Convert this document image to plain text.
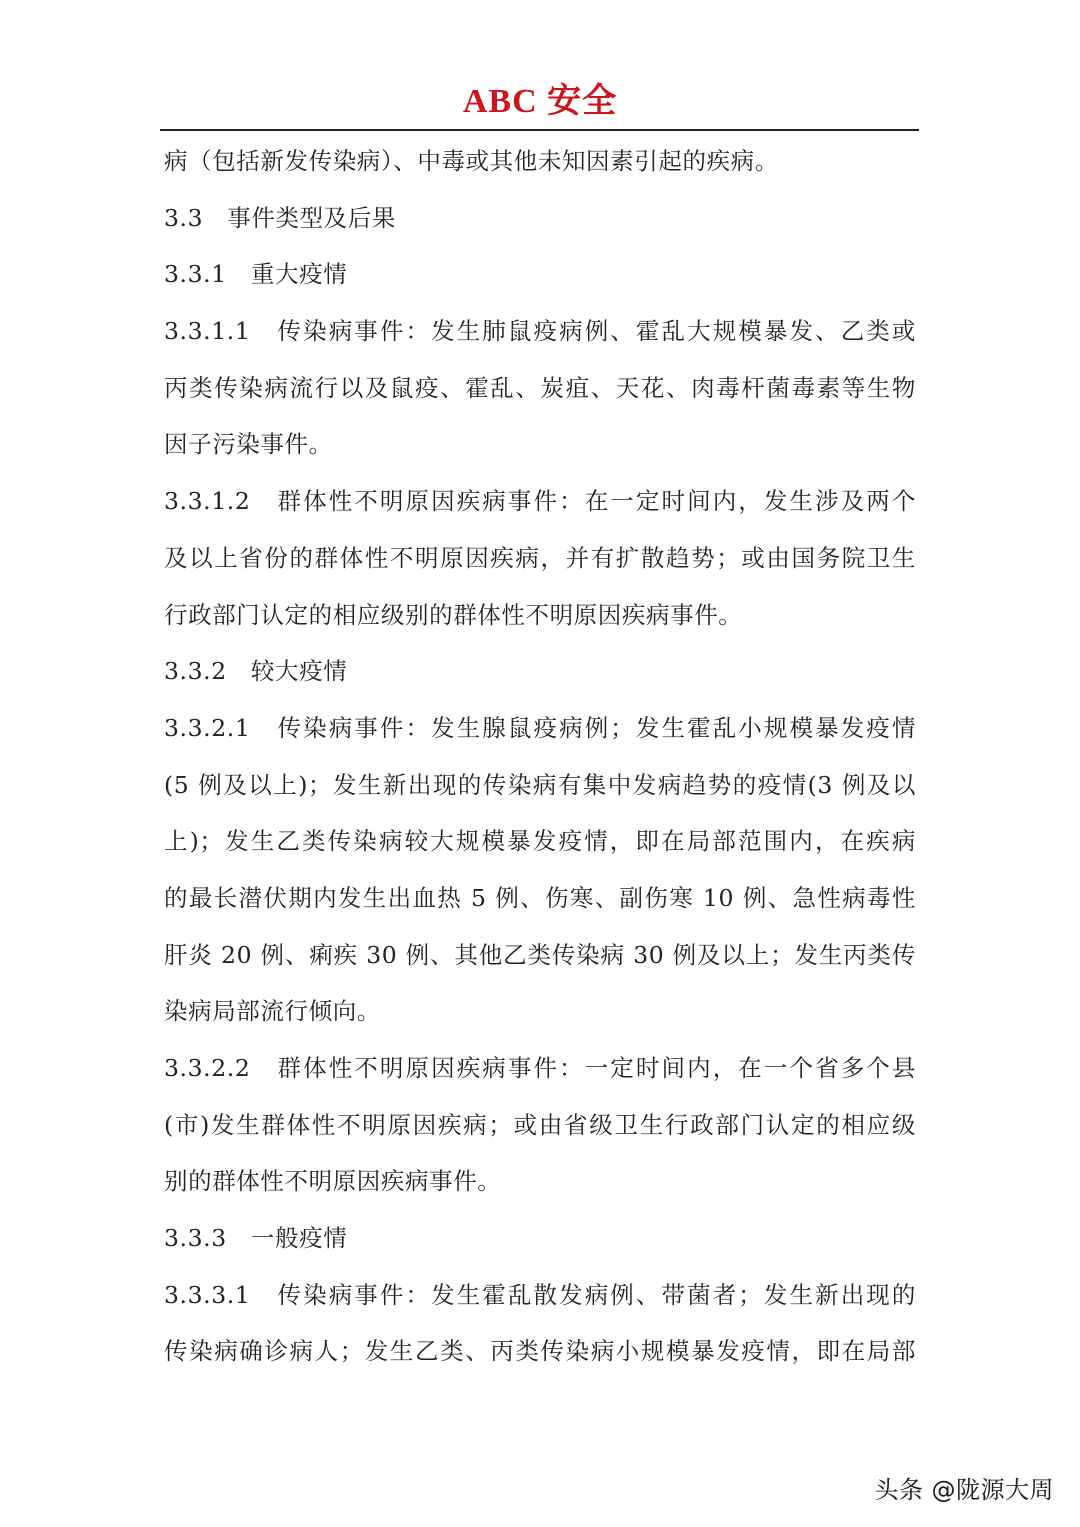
ABC 安全
病（包括新发传染病）、中毒或其他未知因素引起的疾病。
3.3　事件类型及后果
3.3.1　重大疫情
3.3.1.1　传染病事件：发生肺鼠疫病例、霍乱大规模暴发、乙类或
丙类传染病流行以及鼠疫、霍乱、炭疽、天花、肉毒杆菌毒素等生物
因子污染事件。
3.3.1.2　群体性不明原因疾病事件：在一定时间内，发生涉及两个
及以上省份的群体性不明原因疾病，并有扩散趋势；或由国务院卫生
行政部门认定的相应级别的群体性不明原因疾病事件。
3.3.2　较大疫情
3.3.2.1　传染病事件：发生腺鼠疫病例；发生霍乱小规模暴发疫情
(5 例及以上)；发生新出现的传染病有集中发病趋势的疫情(3 例及以
上)；发生乙类传染病较大规模暴发疫情，即在局部范围内，在疾病
的最长潜伏期内发生出血热 5 例、伤寒、副伤寒 10 例、急性病毒性
肝炎 20 例、痢疾 30 例、其他乙类传染病 30 例及以上；发生丙类传
染病局部流行倾向。
3.3.2.2　群体性不明原因疾病事件：一定时间内，在一个省多个县
(市)发生群体性不明原因疾病；或由省级卫生行政部门认定的相应级
别的群体性不明原因疾病事件。
3.3.3　一般疫情
3.3.3.1　传染病事件：发生霍乱散发病例、带菌者；发生新出现的
传染病确诊病人；发生乙类、丙类传染病小规模暴发疫情，即在局部
头条 @陇源大周
